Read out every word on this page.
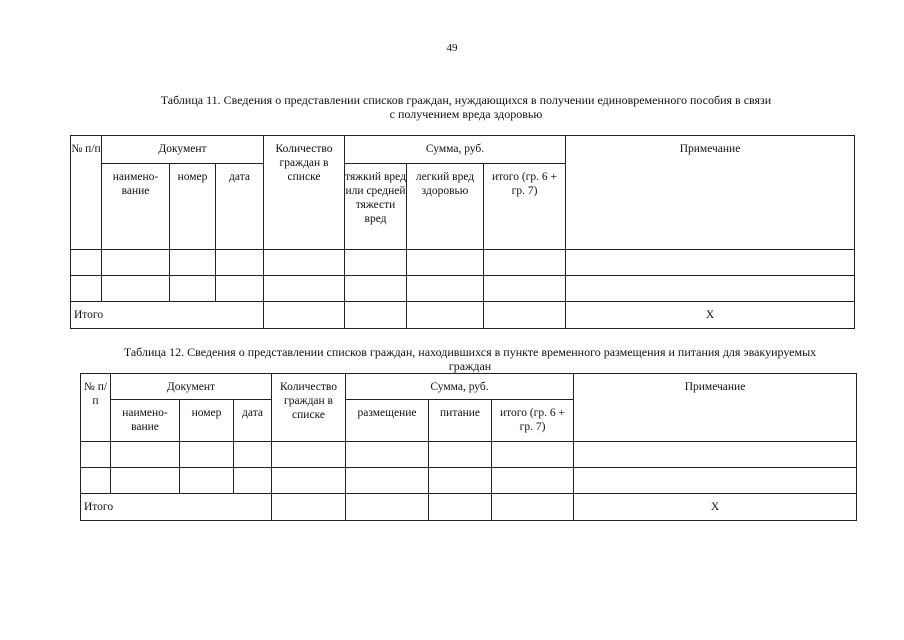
49
Таблица 11. Сведения о представлении списков граждан, нуждающихся в получении единовременного пособия в связи
с получением вреда здоровью
№ п/п	Документ			Количество граждан в списке	Сумма, руб.			Примечание
	наимено-вание	номер	дата		тяжкий вред или средней тяжести вред	легкий вред здоровью	итого (гр. 6 + гр. 7)	

Итого								Х
Таблица 12. Сведения о представлении списков граждан, находившихся в пункте временного размещения и питания для эвакуируемых
граждан
№ п/п	Документ			Количество граждан в списке	Сумма, руб.			Примечание
	наимено-вание	номер	дата		размещение	питание	итого (гр. 6 + гр. 7)	

Итого								Х
